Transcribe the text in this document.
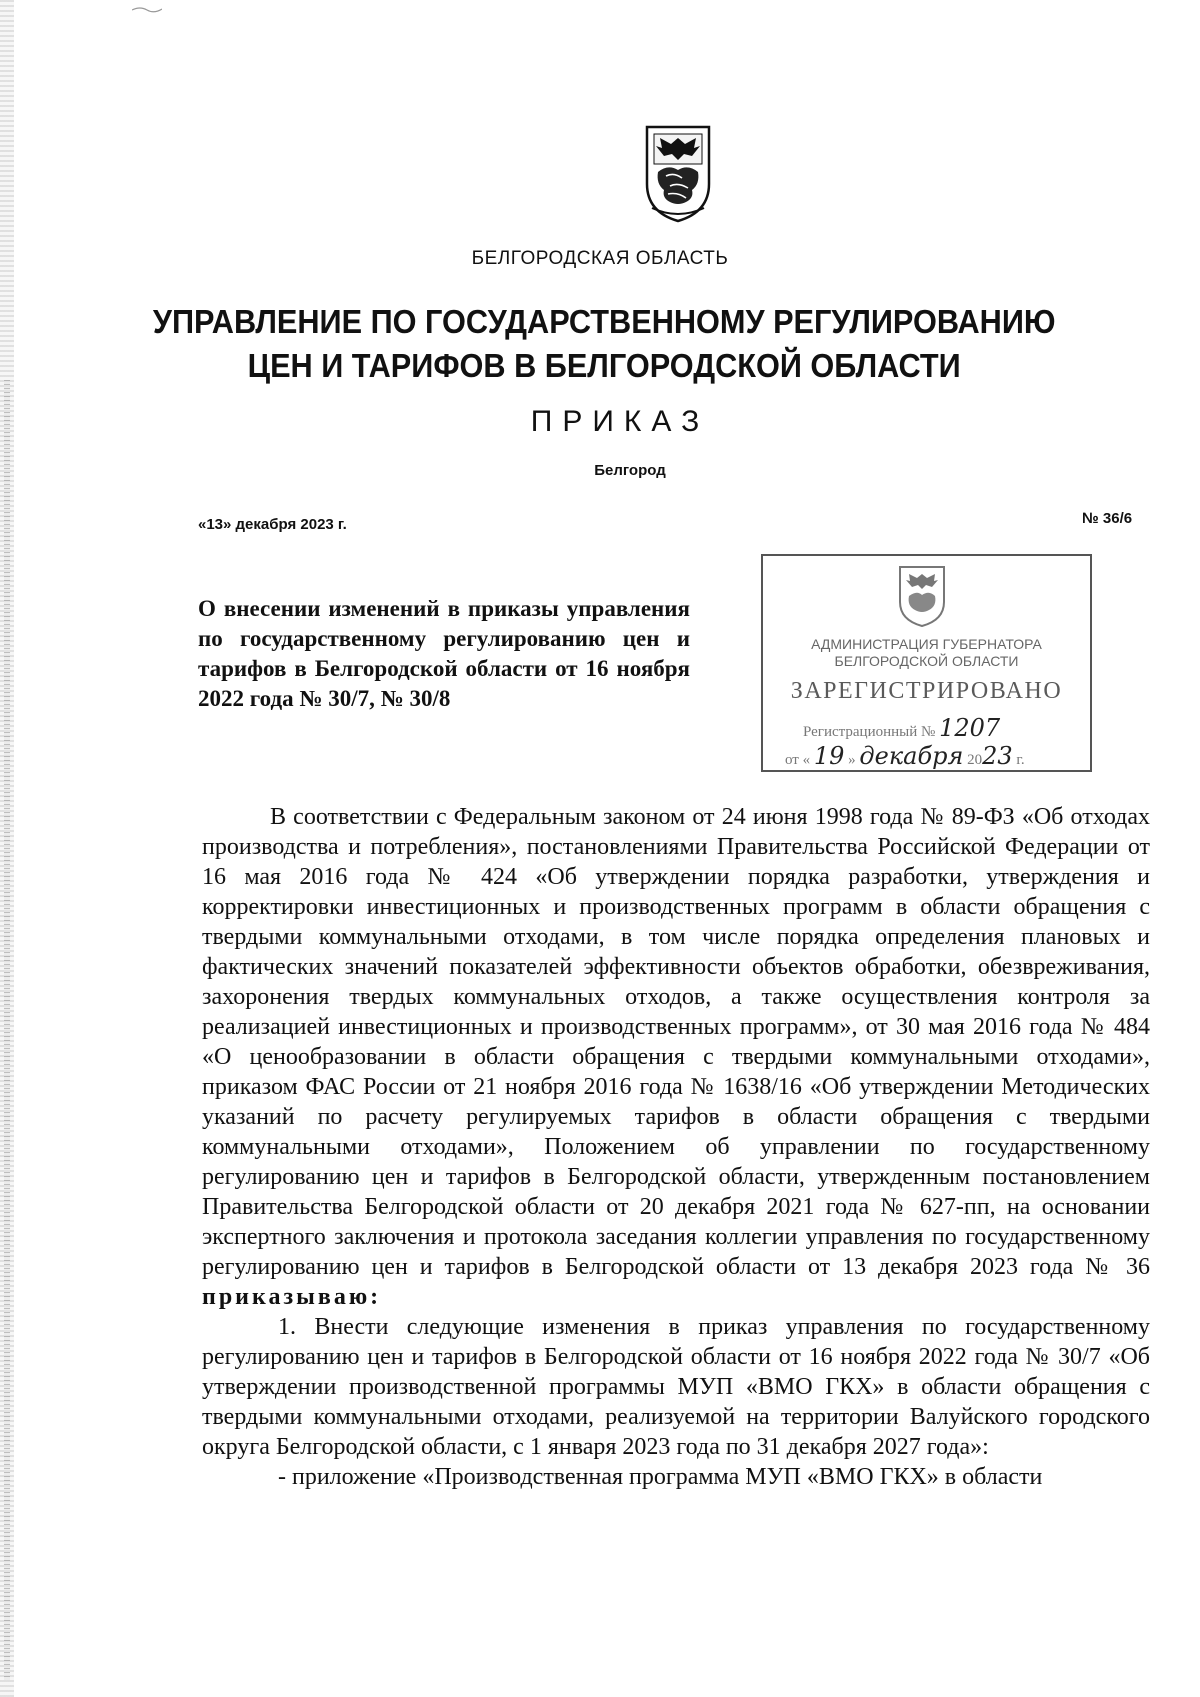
БЕЛГОРОДСКАЯ ОБЛАСТЬ
УПРАВЛЕНИЕ ПО ГОСУДАРСТВЕННОМУ РЕГУЛИРОВАНИЮ
ЦЕН И ТАРИФОВ В БЕЛГОРОДСКОЙ ОБЛАСТИ
ПРИКАЗ
Белгород
«13» декабря 2023 г.	№ 36/6
О внесении изменений в приказы управления по государственному регулированию цен и тарифов в Белгородской области от 16 ноября 2022 года № 30/7, № 30/8
АДМИНИСТРАЦИЯ ГУБЕРНАТОРА
БЕЛГОРОДСКОЙ ОБЛАСТИ
ЗАРЕГИСТРИРОВАНО
Регистрационный № 1207
от « 19 » декабря 2023 г.

В соответствии с Федеральным законом от 24 июня 1998 года № 89-ФЗ «Об отходах производства и потребления», постановлениями Правительства Российской Федерации от 16 мая 2016 года № 424 «Об утверждении порядка разработки, утверждения и корректировки инвестиционных и производственных программ в области обращения с твердыми коммунальными отходами, в том числе порядка определения плановых и фактических значений показателей эффективности объектов обработки, обезвреживания, захоронения твердых коммунальных отходов, а также осуществления контроля за реализацией инвестиционных и производственных программ», от 30 мая 2016 года № 484 «О ценообразовании в области обращения с твердыми коммунальными отходами», приказом ФАС России от 21 ноября 2016 года № 1638/16 «Об утверждении Методических указаний по расчету регулируемых тарифов в области обращения с твердыми коммунальными отходами», Положением об управлении по государственному регулированию цен и тарифов в Белгородской области, утвержденным постановлением Правительства Белгородской области от 20 декабря 2021 года № 627-пп, на основании экспертного заключения и протокола заседания коллегии управления по государственному регулированию цен и тарифов в Белгородской области от 13 декабря 2023 года № 36 приказываю:

1. Внести следующие изменения в приказ управления по государственному регулированию цен и тарифов в Белгородской области от 16 ноября 2022 года № 30/7 «Об утверждении производственной программы МУП «ВМО ГКХ» в области обращения с твердыми коммунальными отходами, реализуемой на территории Валуйского городского округа Белгородской области, с 1 января 2023 года по 31 декабря 2027 года»:

- приложение «Производственная программа МУП «ВМО ГКХ» в области
